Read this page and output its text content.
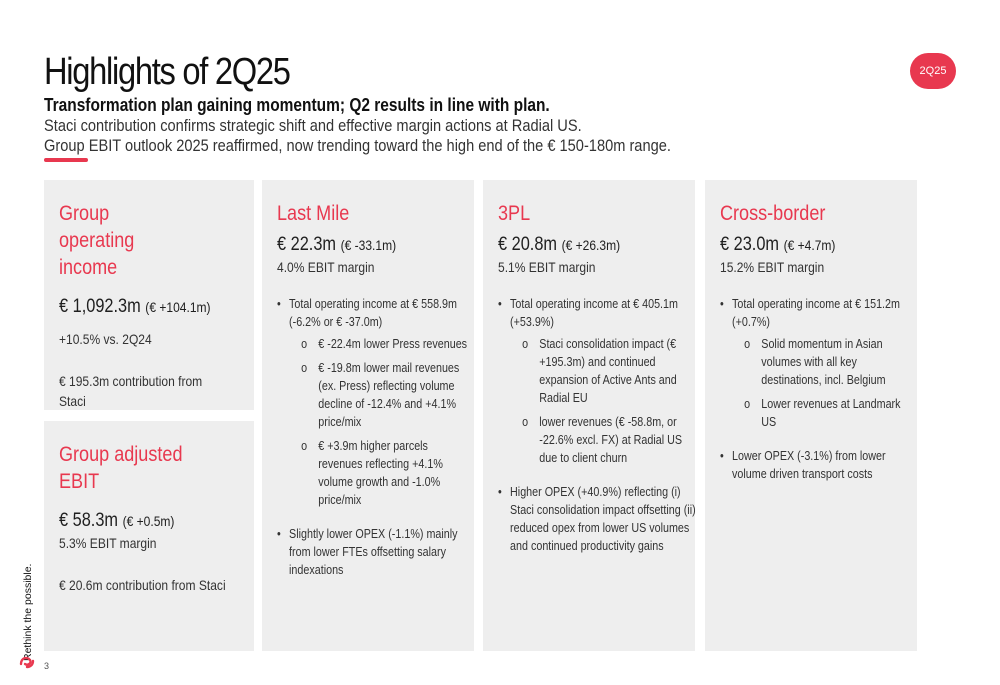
Highlights of 2Q25
Transformation plan gaining momentum; Q2 results in line with plan.
Staci contribution confirms strategic shift and effective margin actions at Radial US.
Group EBIT outlook 2025 reaffirmed, now trending toward the high end of the € 150-180m range.
2Q25
Group operating income
€ 1,092.3m (€ +104.1m)
+10.5% vs. 2Q24
€ 195.3m contribution from Staci
Group adjusted EBIT
€ 58.3m (€ +0.5m)
5.3% EBIT margin
€ 20.6m contribution from Staci
Last Mile
€ 22.3m (€ -33.1m)
4.0% EBIT margin
• Total operating income at € 558.9m (-6.2% or € -37.0m)
o € -22.4m lower Press revenues
o € -19.8m lower mail revenues (ex. Press) reflecting volume decline of -12.4% and +4.1% price/mix
o € +3.9m higher parcels revenues reflecting +4.1% volume growth and -1.0% price/mix
• Slightly lower OPEX (-1.1%) mainly from lower FTEs offsetting salary indexations
3PL
€ 20.8m (€ +26.3m)
5.1% EBIT margin
• Total operating income at € 405.1m (+53.9%)
o Staci consolidation impact (€ +195.3m) and continued expansion of Active Ants and Radial EU
o lower revenues (€ -58.8m, or -22.6% excl. FX) at Radial US due to client churn
• Higher OPEX (+40.9%) reflecting (i) Staci consolidation impact offsetting (ii) reduced opex from lower US volumes and continued productivity gains
Cross-border
€ 23.0m (€ +4.7m)
15.2% EBIT margin
• Total operating income at € 151.2m (+0.7%)
o Solid momentum in Asian volumes with all key destinations, incl. Belgium
o Lower revenues at Landmark US
• Lower OPEX (-3.1%) from lower volume driven transport costs
Rethink the possible.
3
